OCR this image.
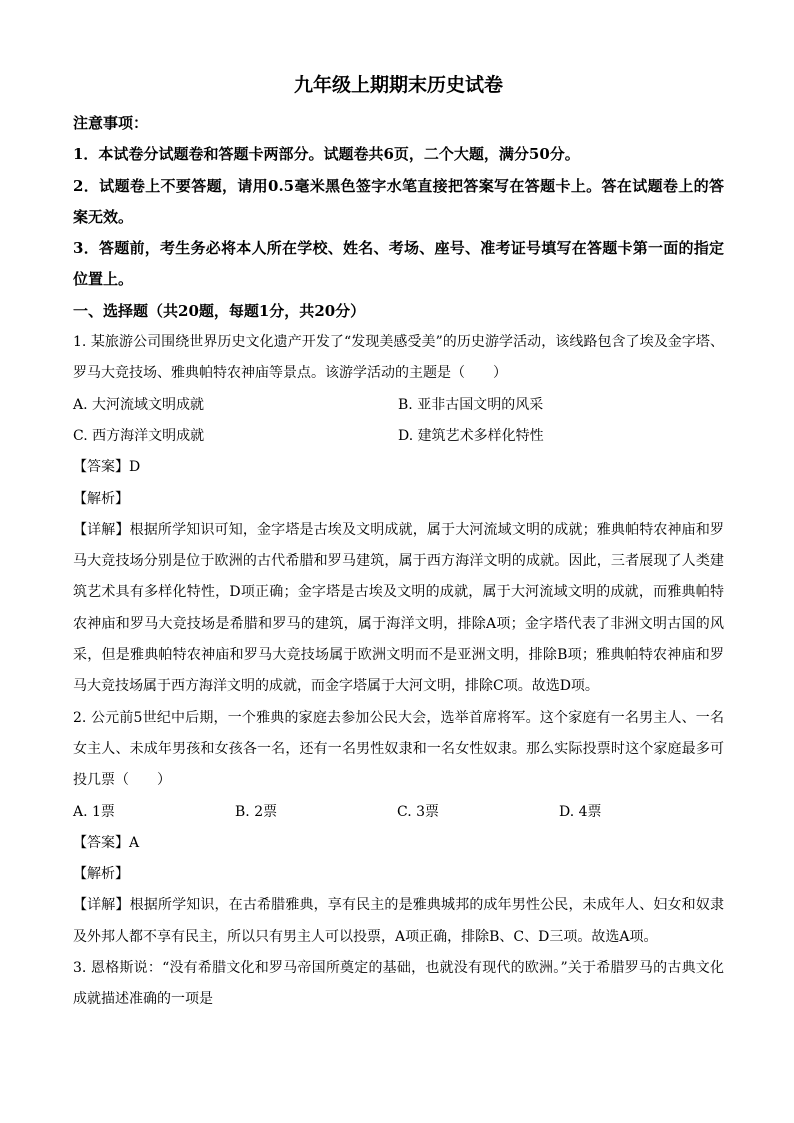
九年级上期期末历史试卷

注意事项：

1．本试卷分试题卷和答题卡两部分。试题卷共6页，二个大题，满分50分。

2．试题卷上不要答题，请用0.5毫米黑色签字水笔直接把答案写在答题卡上。答在试题卷上的答案无效。

3．答题前，考生务必将本人所在学校、姓名、考场、座号、准考证号填写在答题卡第一面的指定位置上。

一、选择题（共20题，每题1分，共20分）

1. 某旅游公司围绕世界历史文化遗产开发了“发现美感受美”的历史游学活动，该线路包含了埃及金字塔、罗马大竞技场、雅典帕特农神庙等景点。该游学活动的主题是（　　）

A. 大河流域文明成就	B. 亚非古国文明的风采
C. 西方海洋文明成就	D. 建筑艺术多样化特性

【答案】D

【解析】

【详解】根据所学知识可知，金字塔是古埃及文明成就，属于大河流域文明的成就；雅典帕特农神庙和罗马大竞技场分别是位于欧洲的古代希腊和罗马建筑，属于西方海洋文明的成就。因此，三者展现了人类建筑艺术具有多样化特性，D项正确；金字塔是古埃及文明的成就，属于大河流域文明的成就，而雅典帕特农神庙和罗马大竞技场是希腊和罗马的建筑，属于海洋文明，排除A项；金字塔代表了非洲文明古国的风采，但是雅典帕特农神庙和罗马大竞技场属于欧洲文明而不是亚洲文明，排除B项；雅典帕特农神庙和罗马大竞技场属于西方海洋文明的成就，而金字塔属于大河文明，排除C项。故选D项。

2. 公元前5世纪中后期，一个雅典的家庭去参加公民大会，选举首席将军。这个家庭有一名男主人、一名女主人、未成年男孩和女孩各一名，还有一名男性奴隶和一名女性奴隶。那么实际投票时这个家庭最多可投几票（　　）

A. 1票	B. 2票	C. 3票	D. 4票

【答案】A

【解析】

【详解】根据所学知识，在古希腊雅典，享有民主的是雅典城邦的成年男性公民，未成年人、妇女和奴隶及外邦人都不享有民主，所以只有男主人可以投票，A项正确，排除B、C、D三项。故选A项。

3. 恩格斯说：“没有希腊文化和罗马帝国所奠定的基础，也就没有现代的欧洲。”关于希腊罗马的古典文化成就描述准确的一项是
